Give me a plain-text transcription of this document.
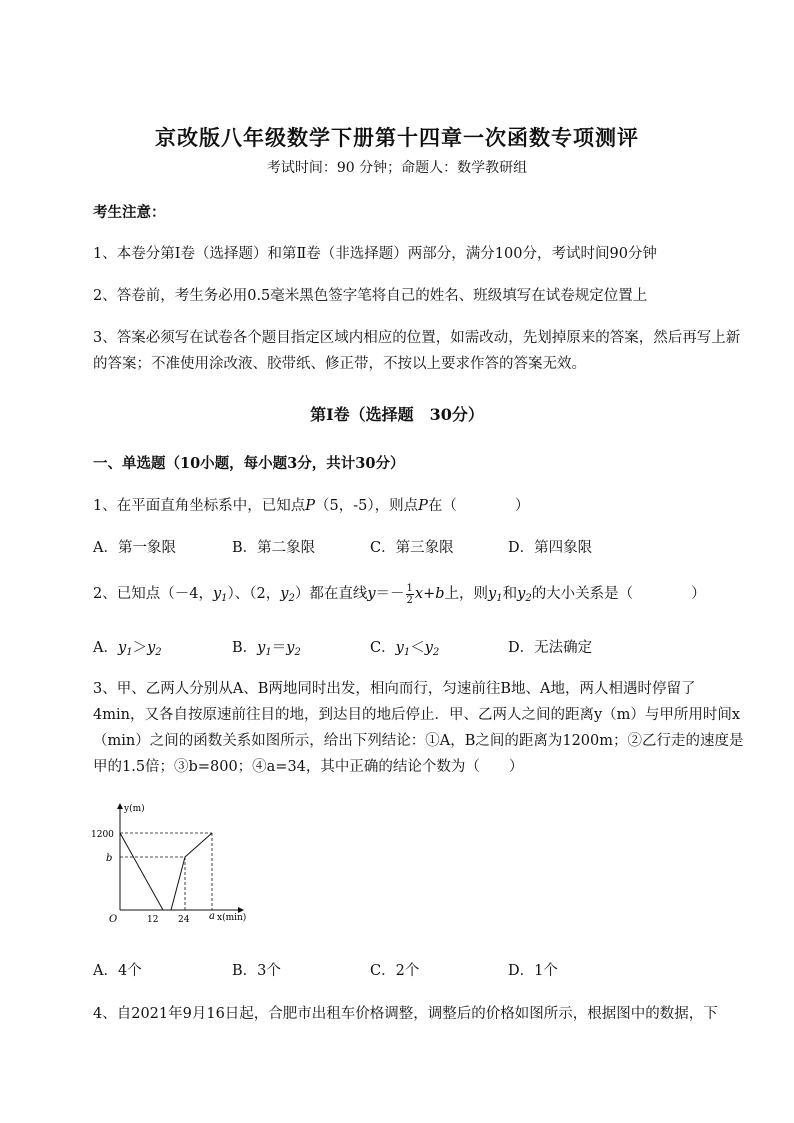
京改版八年级数学下册第十四章一次函数专项测评
考试时间：90 分钟；命题人：数学教研组
考生注意：
1、本卷分第I卷（选择题）和第Ⅱ卷（非选择题）两部分，满分100分，考试时间90分钟
2、答卷前，考生务必用0.5毫米黑色签字笔将自己的姓名、班级填写在试卷规定位置上
3、答案必须写在试卷各个题目指定区域内相应的位置，如需改动，先划掉原来的答案，然后再写上新
的答案；不准使用涂改液、胶带纸、修正带，不按以上要求作答的答案无效。
第I卷（选择题　30分）
一、单选题（10小题，每小题3分，共计30分）
1、在平面直角坐标系中，已知点P（5，-5），则点P在（　　　　）
A．第一象限	B．第二象限	C．第三象限	D．第四象限
2、已知点（－4，$y_1$）、（2，$y_2$）都在直线$y=- \frac{1}{2} x+b$上，则$y_1$和$y_2$的大小关系是（　　　　）
A．$y_1>y_2$	B．$y_1=y_2$	C．$y_1<y_2$	D．无法确定
3、甲、乙两人分别从A、B两地同时出发，相向而行，匀速前往B地、A地，两人相遇时停留了
4min，又各自按原速前往目的地，到达目的地后停止．甲、乙两人之间的距离y（m）与甲所用时间x
（min）之间的函数关系如图所示，给出下列结论：①A，B之间的距离为1200m；②乙行走的速度是
甲的1.5倍；③b=800；④a=34，其中正确的结论个数为（　　）
y(m)
x(min)
O
1200
b
12 24 a
A．4个	B．3个	C．2个	D．1个
4、自2021年9月16日起，合肥市出租车价格调整，调整后的价格如图所示，根据图中的数据，下
